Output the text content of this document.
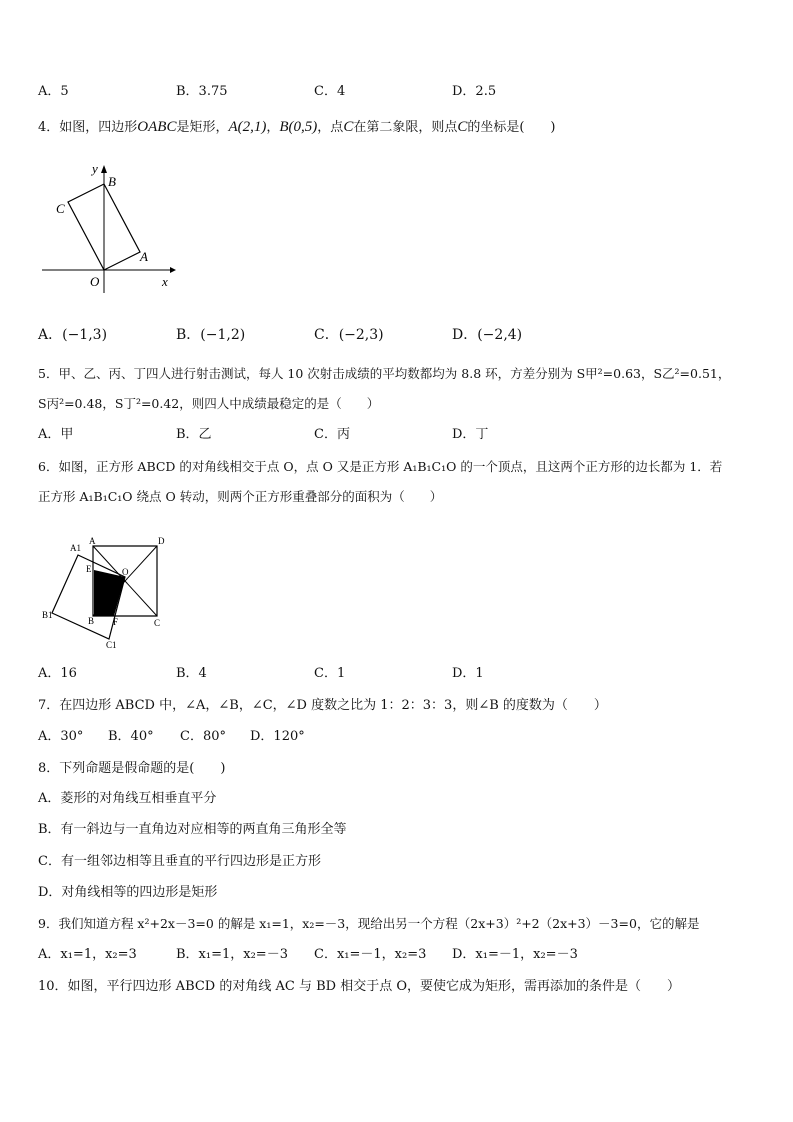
A．5	B．3.75	C．4	D．2.5
4．如图，四边形OABC是矩形，A(2,1)，B(0,5)，点C在第二象限，则点C的坐标是(　　)
y
B
C
A
O	x
A．(−1,3)	B．(−1,2)	C．(−2,3)	D．(−2,4)
5．甲、乙、丙、丁四人进行射击测试，每人 10 次射击成绩的平均数都均为 8.8 环，方差分别为 S甲²=0.63，S乙²=0.51，
S丙²=0.48，S丁²=0.42，则四人中成绩最稳定的是（　　）
A．甲	B．乙	C．丙	D．丁
6．如图，正方形 ABCD 的对角线相交于点 O，点 O 又是正方形 A₁B₁C₁O 的一个顶点，且这两个正方形的边长都为 1．若
正方形 A₁B₁C₁O 绕点 O 转动，则两个正方形重叠部分的面积为（　　）
A1
A	D
E	O
B1
B F	C
C1
A．16	B．4	C．1	D．1
7．在四边形 ABCD 中，∠A，∠B，∠C，∠D 度数之比为 1：2：3：3，则∠B 的度数为（　　）
A．30° B．40° C．80° D．120°
8．下列命题是假命题的是(　　)
A．菱形的对角线互相垂直平分
B．有一斜边与一直角边对应相等的两直角三角形全等
C．有一组邻边相等且垂直的平行四边形是正方形
D．对角线相等的四边形是矩形
9．我们知道方程 x²+2x－3=0 的解是 x₁=1，x₂=－3，现给出另一个方程（2x+3）²+2（2x+3）－3=0，它的解是
A．x₁=1，x₂=3	B．x₁=1，x₂=－3 C．x₁=－1，x₂=3 D．x₁=－1，x₂=－3
10．如图，平行四边形 ABCD 的对角线 AC 与 BD 相交于点 O，要使它成为矩形，需再添加的条件是（　　）
